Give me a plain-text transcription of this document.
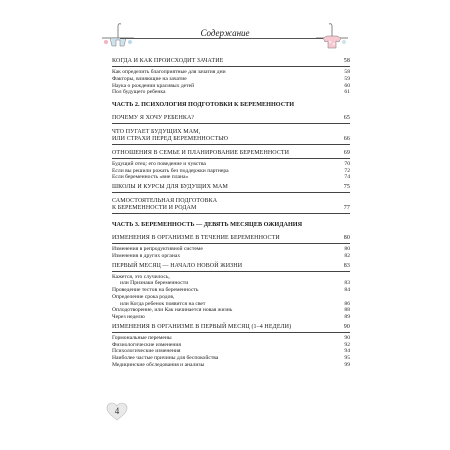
Содержание
КОГДА И КАК ПРОИСХОДИТ ЗАЧАТИЕ	58
Как определить благоприятные для зачатия дни	58
Факторы, влияющие на зачатие	59
Наука о рождении красивых детей	60
Пол будущего ребенка	61
ЧАСТЬ 2. ПСИХОЛОГИЯ ПОДГОТОВКИ К БЕРЕМЕННОСТИ
ПОЧЕМУ Я ХОЧУ РЕБЕНКА?	65
ЧТО ПУГАЕТ БУДУЩИХ МАМ,
ИЛИ СТРАХИ ПЕРЕД БЕРЕМЕННОСТЬЮ	66
ОТНОШЕНИЯ В СЕМЬЕ И ПЛАНИРОВАНИЕ БЕРЕМЕННОСТИ	69
Будущий отец: его поведение и чувства	70
Если вы решили рожать без поддержки партнера	72
Если беременность «вне плана»	74
ШКОЛЫ И КУРСЫ ДЛЯ БУДУЩИХ МАМ	75
САМОСТОЯТЕЛЬНАЯ ПОДГОТОВКА
К БЕРЕМЕННОСТИ И РОДАМ	77
ЧАСТЬ 3. БЕРЕМЕННОСТЬ — ДЕВЯТЬ МЕСЯЦЕВ ОЖИДАНИЯ
ИЗМЕНЕНИЯ В ОРГАНИЗМЕ В ТЕЧЕНИЕ БЕРЕМЕННОСТИ	80
Изменения в репродуктивной системе	80
Изменения в других органах	82
ПЕРВЫЙ МЕСЯЦ — НАЧАЛО НОВОЙ ЖИЗНИ	83
Кажется, это случилось,
или Признаки беременности	83
Проведение тестов на беременность	84
Определение срока родов,
или Когда ребенок появится на свет	86
Оплодотворение, или Как начинается новая жизнь	88
Через неделю	89
ИЗМЕНЕНИЯ В ОРГАНИЗМЕ В ПЕРВЫЙ МЕСЯЦ (1–4 НЕДЕЛИ)	90
Гормональные перемены	90
Физиологические изменения	92
Психологические изменения	94
Наиболее частые причины для беспокойства	95
Медицинские обследования и анализы	99
4
